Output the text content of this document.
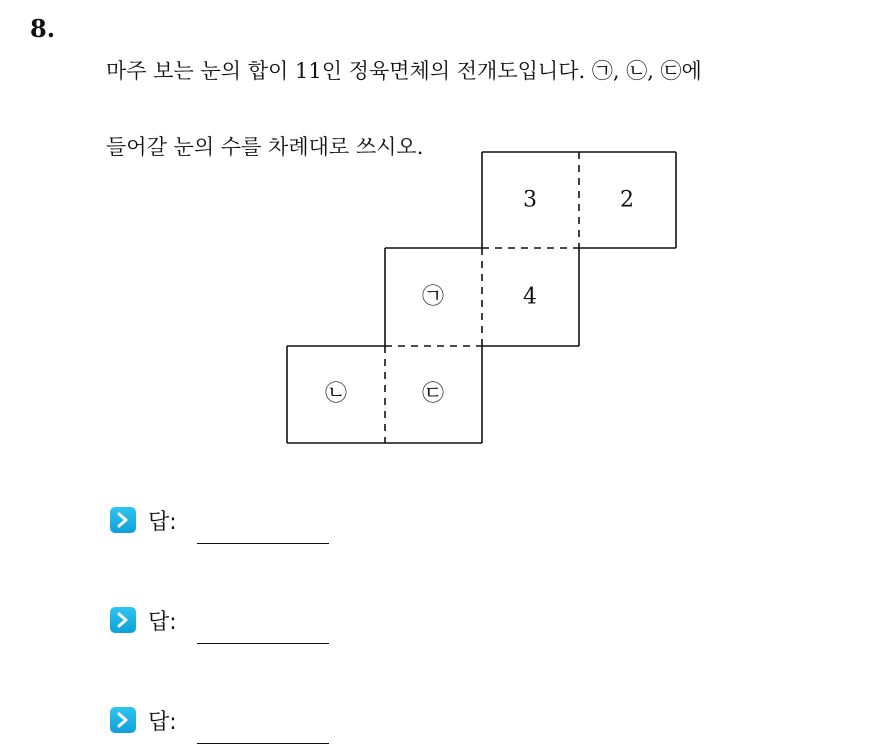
8.

마주 보는 눈의 합이 11인 정육면체의 전개도입니다. ㉠, ㉡, ㉢에

들어갈 눈의 수를 차례대로 쓰시오.

3	2
㉠	4
㉡	㉢
답:
답:
답:
